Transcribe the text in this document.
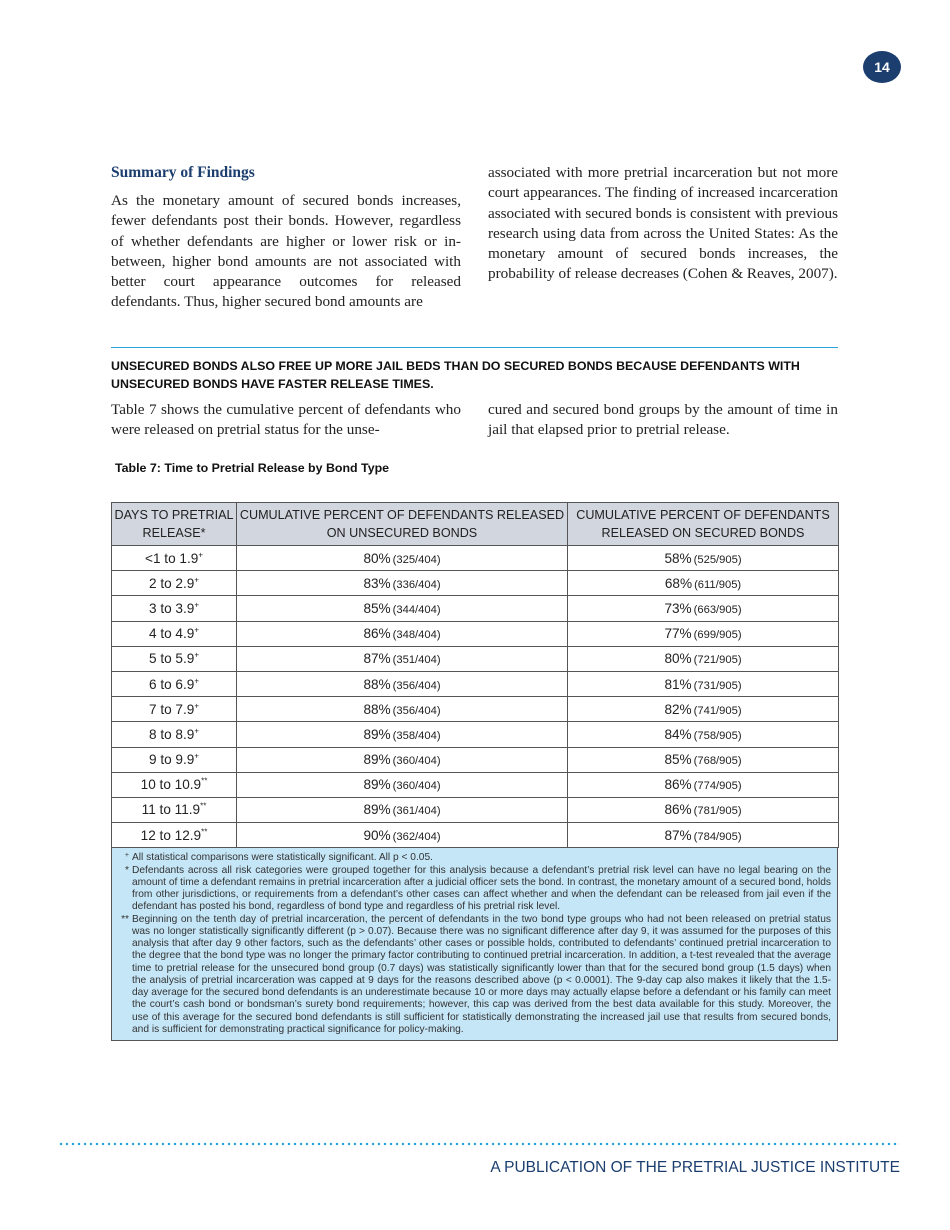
14
Summary of Findings
As the monetary amount of secured bonds increases, fewer defendants post their bonds. However, regardless of whether defendants are higher or lower risk or in-between, higher bond amounts are not associated with better court appearance outcomes for released defendants. Thus, higher secured bond amounts are
associated with more pretrial incarceration but not more court appearances. The finding of increased incarceration associated with secured bonds is consistent with previous research using data from across the United States: As the monetary amount of secured bonds increases, the probability of release decreases (Cohen & Reaves, 2007).
UNSECURED BONDS ALSO FREE UP MORE JAIL BEDS THAN DO SECURED BONDS BECAUSE DEFENDANTS WITH UNSECURED BONDS HAVE FASTER RELEASE TIMES.
Table 7 shows the cumulative percent of defendants who were released on pretrial status for the unse-
cured and secured bond groups by the amount of time in jail that elapsed prior to pretrial release.
Table 7: Time to Pretrial Release by Bond Type
DAYS TO PRETRIAL RELEASE*	CUMULATIVE PERCENT OF DEFENDANTS RELEASED ON UNSECURED BONDS	CUMULATIVE PERCENT OF DEFENDANTS RELEASED ON SECURED BONDS
<1 to 1.9+	80% (325/404)	58% (525/905)
2 to 2.9+	83% (336/404)	68% (611/905)
3 to 3.9+	85% (344/404)	73% (663/905)
4 to 4.9+	86% (348/404)	77% (699/905)
5 to 5.9+	87% (351/404)	80% (721/905)
6 to 6.9+	88% (356/404)	81% (731/905)
7 to 7.9+	88% (356/404)	82% (741/905)
8 to 8.9+	89% (358/404)	84% (758/905)
9 to 9.9+	89% (360/404)	85% (768/905)
10 to 10.9**	89% (360/404)	86% (774/905)
11 to 11.9**	89% (361/404)	86% (781/905)
12 to 12.9**	90% (362/404)	87% (784/905)
+ All statistical comparisons were statistically significant. All p < 0.05.
* Defendants across all risk categories were grouped together for this analysis because a defendant’s pretrial risk level can have no legal bearing on the amount of time a defendant remains in pretrial incarceration after a judicial officer sets the bond. In contrast, the monetary amount of a secured bond, holds from other jurisdictions, or requirements from a defendant’s other cases can affect whether and when the defendant can be released from jail even if the defendant has posted his bond, regardless of bond type and regardless of his pretrial risk level.
** Beginning on the tenth day of pretrial incarceration, the percent of defendants in the two bond type groups who had not been released on pretrial status was no longer statistically significantly different (p > 0.07). Because there was no significant difference after day 9, it was assumed for the purposes of this analysis that after day 9 other factors, such as the defendants’ other cases or possible holds, contributed to defendants’ continued pretrial incarceration to the degree that the bond type was no longer the primary factor contributing to continued pretrial incarceration. In addition, a t-test revealed that the average time to pretrial release for the unsecured bond group (0.7 days) was statistically significantly lower than that for the secured bond group (1.5 days) when the analysis of pretrial incarceration was capped at 9 days for the reasons described above (p < 0.0001). The 9-day cap also makes it likely that the 1.5-day average for the secured bond defendants is an underestimate because 10 or more days may actually elapse before a defendant or his family can meet the court’s cash bond or bondsman’s surety bond requirements; however, this cap was derived from the best data available for this study. Moreover, the use of this average for the secured bond defendants is still sufficient for statistically demonstrating the increased jail use that results from secured bonds, and is sufficient for demonstrating practical significance for policy-making.
A PUBLICATION OF THE PRETRIAL JUSTICE INSTITUTE
